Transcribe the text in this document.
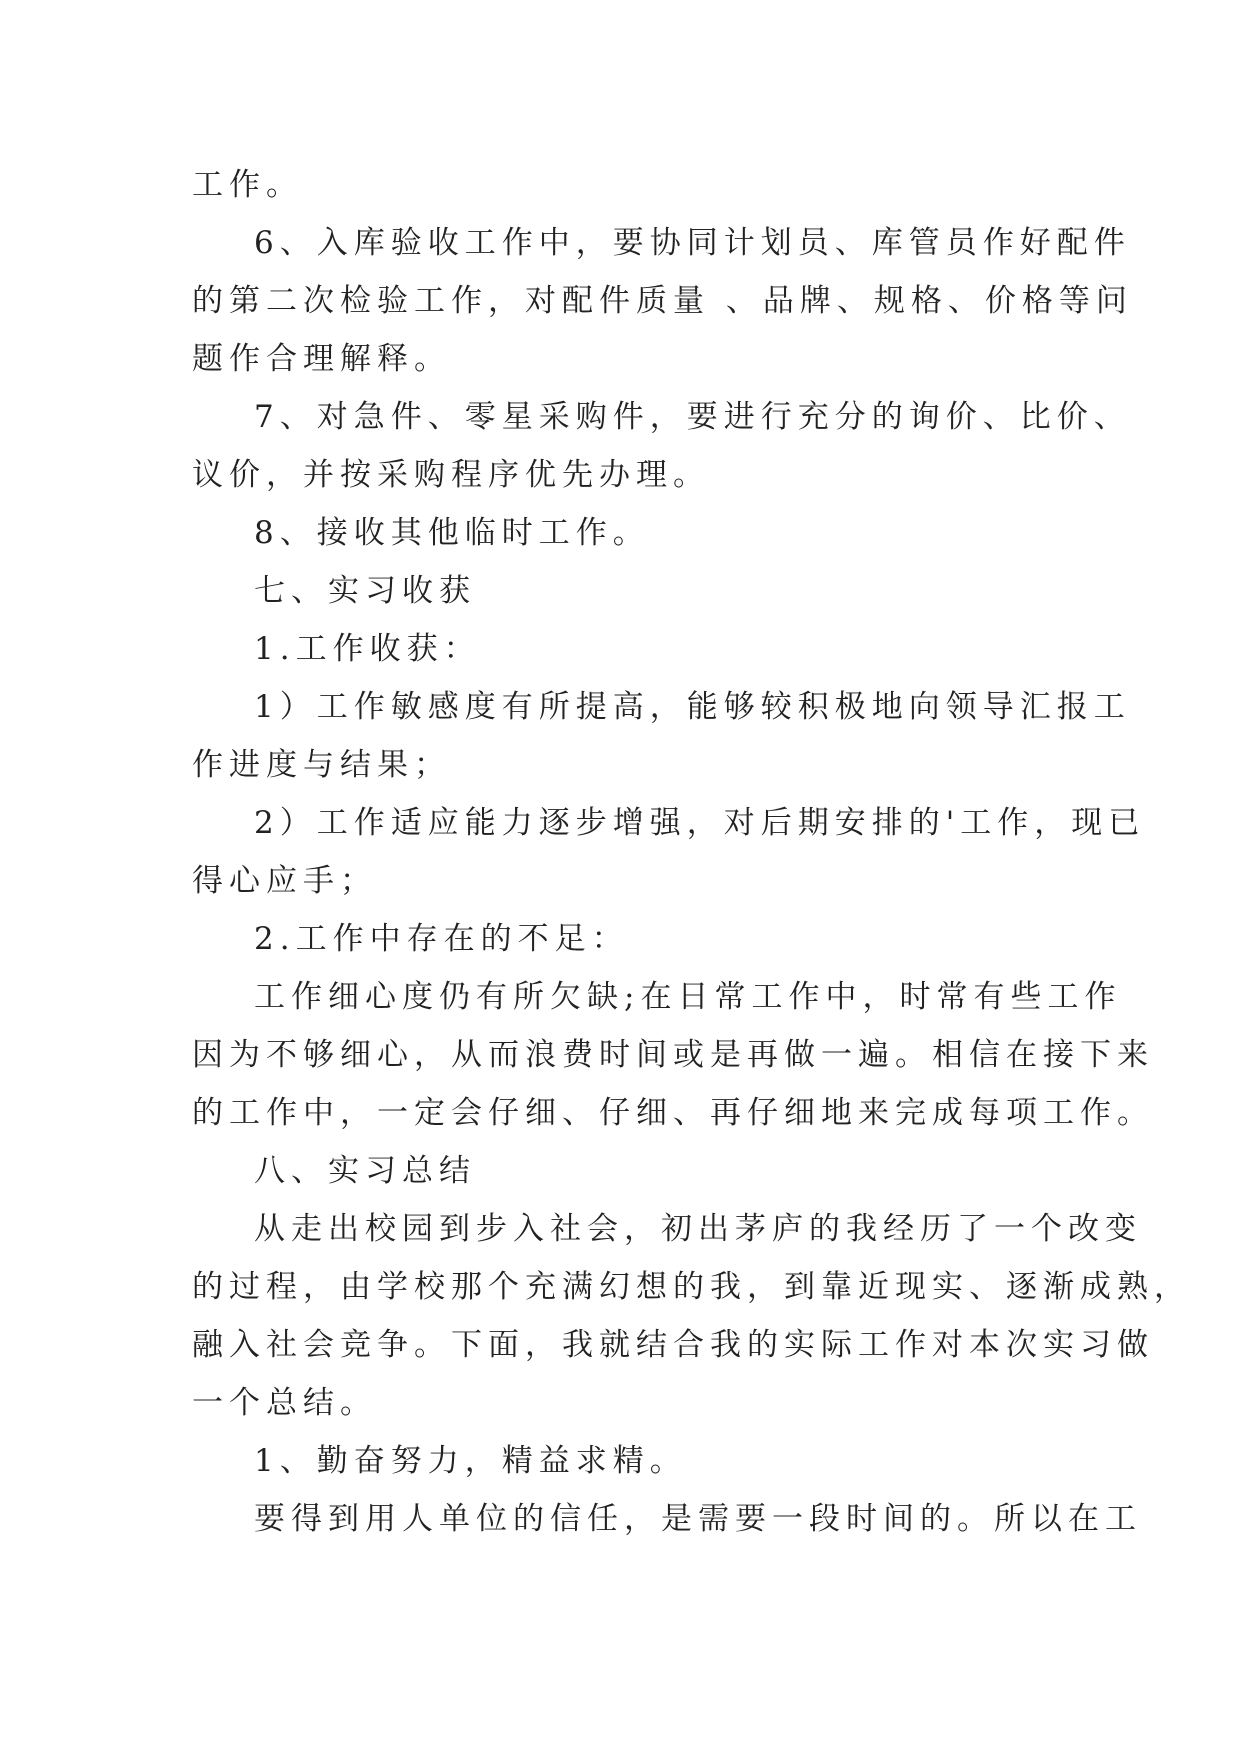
工作。
6、入库验收工作中，要协同计划员、库管员作好配件
的第二次检验工作，对配件质量 、品牌、规格、价格等问
题作合理解释。
7、对急件、零星采购件，要进行充分的询价、比价、
议价，并按采购程序优先办理。
8、接收其他临时工作。
七、实习收获
1.工作收获：
1）工作敏感度有所提高，能够较积极地向领导汇报工
作进度与结果；
2）工作适应能力逐步增强，对后期安排的'工作，现已
得心应手；
2.工作中存在的不足：
工作细心度仍有所欠缺;在日常工作中，时常有些工作
因为不够细心，从而浪费时间或是再做一遍。相信在接下来
的工作中，一定会仔细、仔细、再仔细地来完成每项工作。
八、实习总结
从走出校园到步入社会，初出茅庐的我经历了一个改变
的过程，由学校那个充满幻想的我，到靠近现实、逐渐成熟，
融入社会竞争。下面，我就结合我的实际工作对本次实习做
一个总结。
1、勤奋努力，精益求精。
要得到用人单位的信任，是需要一段时间的。所以在工
